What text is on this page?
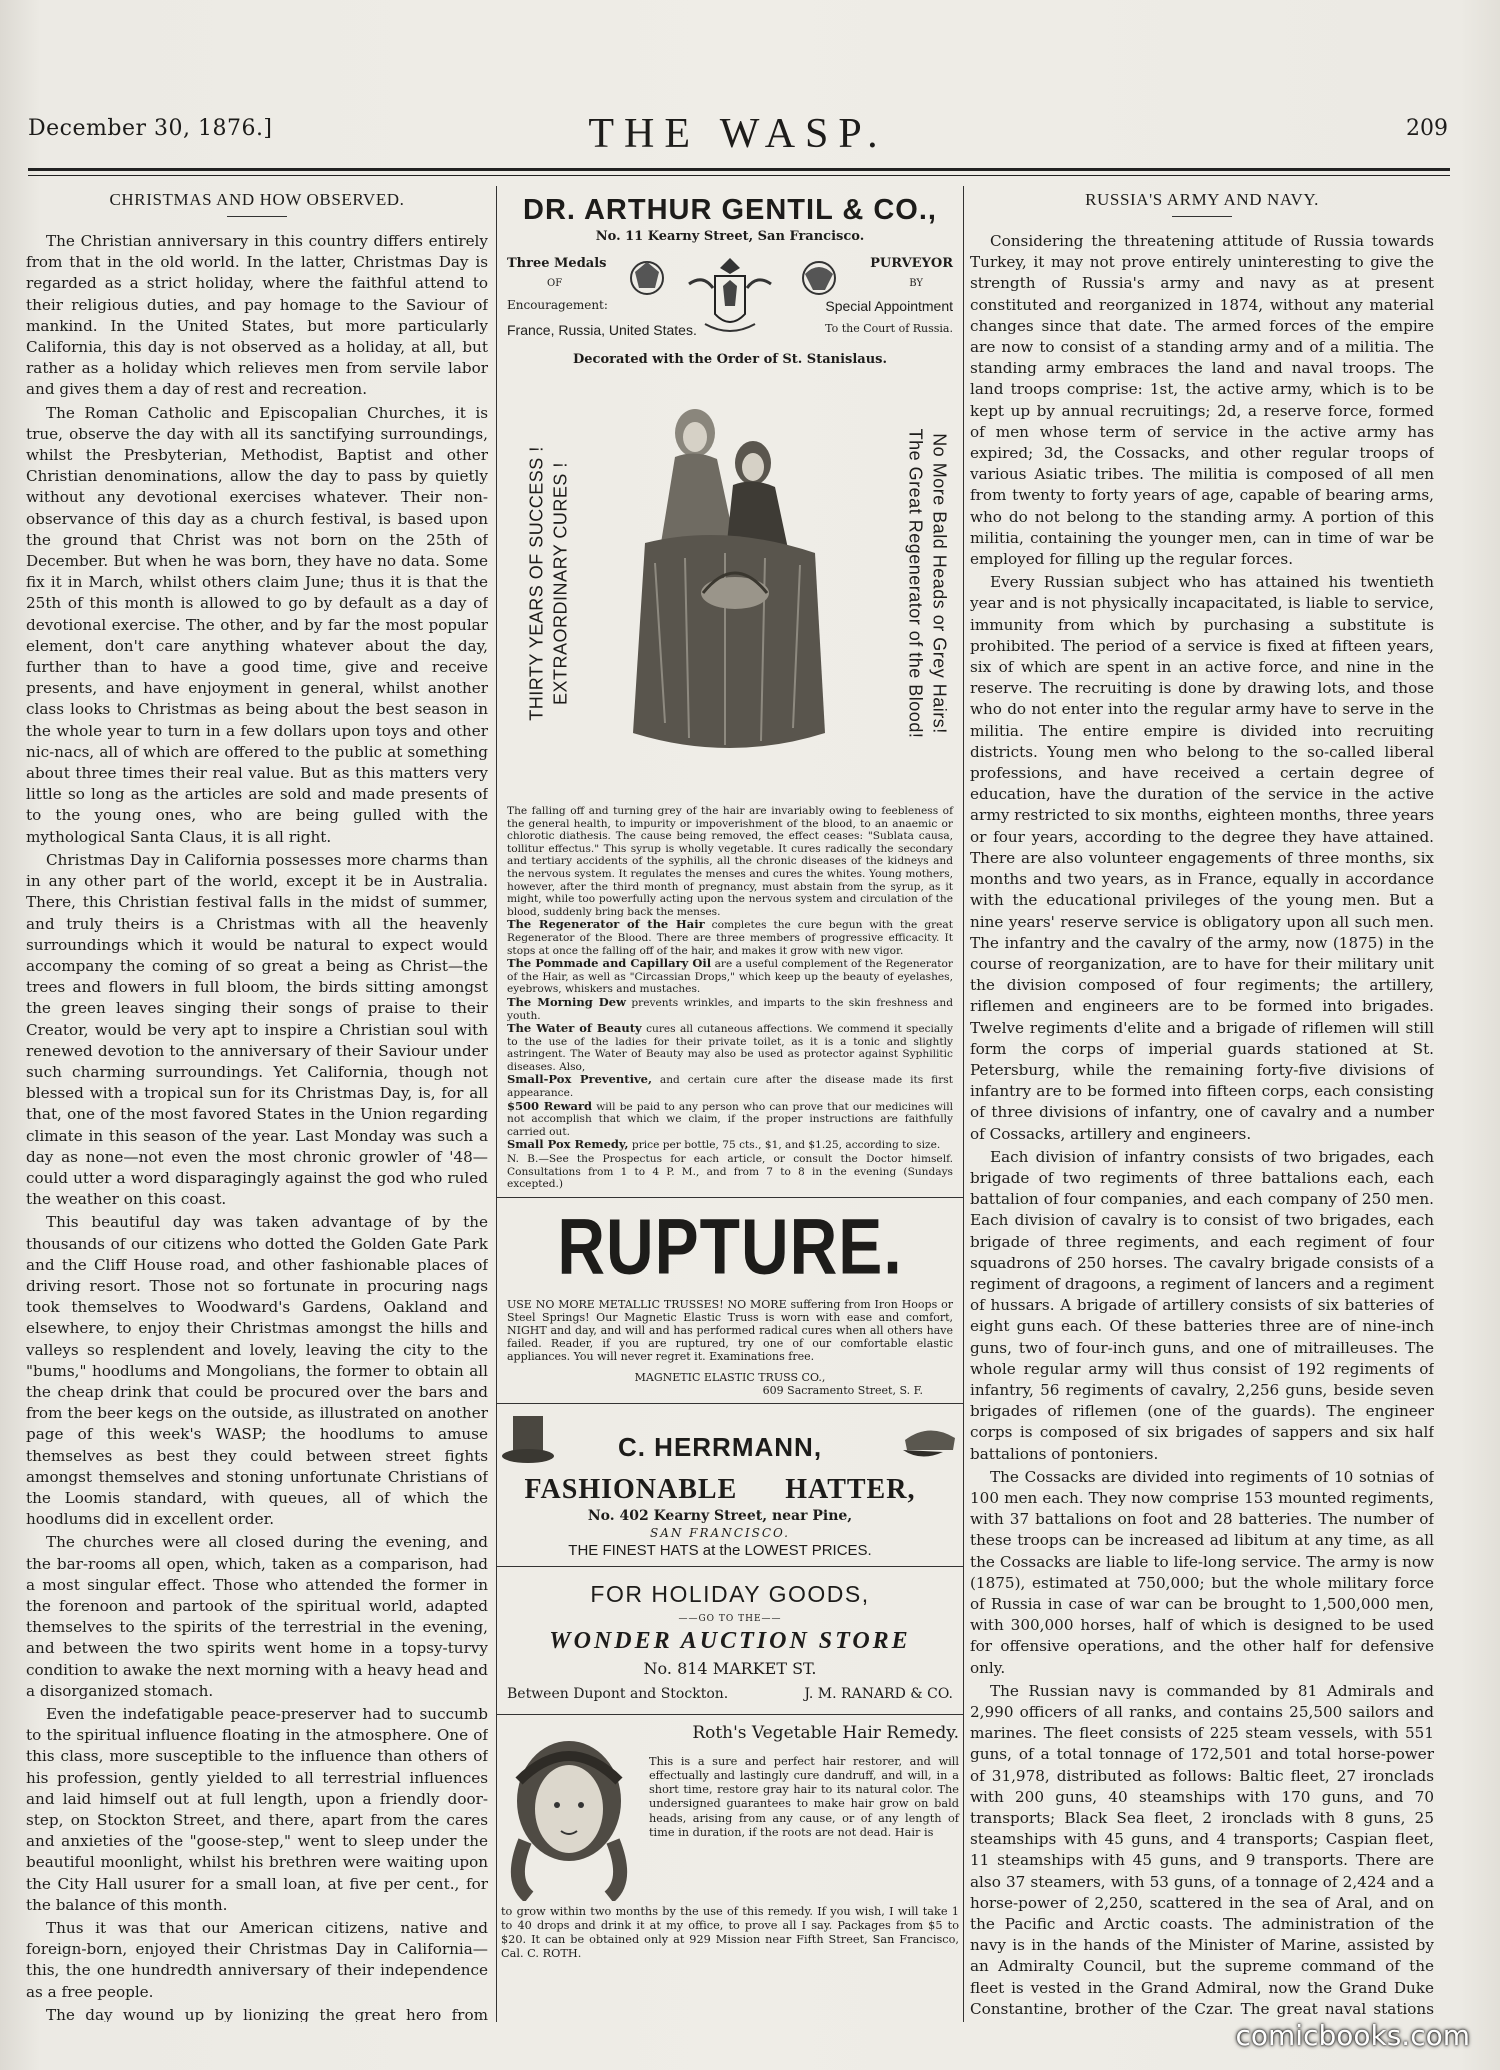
December 30, 1876.]	THE WASP.	209
CHRISTMAS AND HOW OBSERVED.

The Christian anniversary in this country differs entirely from that in the old world. In the latter, Christmas Day is regarded as a strict holiday, where the faithful attend to their religious duties, and pay homage to the Saviour of mankind. In the United States, but more particularly California, this day is not observed as a holiday, at all, but rather as a holiday which relieves men from servile labor and gives them a day of rest and recreation.

The Roman Catholic and Episcopalian Churches, it is true, observe the day with all its sanctifying surroundings, whilst the Presbyterian, Methodist, Baptist and other Christian denominations, allow the day to pass by quietly without any devotional exercises whatever. Their non-observance of this day as a church festival, is based upon the ground that Christ was not born on the 25th of December. But when he was born, they have no data. Some fix it in March, whilst others claim June; thus it is that the 25th of this month is allowed to go by default as a day of devotional exercise. The other, and by far the most popular element, don't care anything whatever about the day, further than to have a good time, give and receive presents, and have enjoyment in general, whilst another class looks to Christmas as being about the best season in the whole year to turn in a few dollars upon toys and other nic-nacs, all of which are offered to the public at something about three times their real value. But as this matters very little so long as the articles are sold and made presents of to the young ones, who are being gulled with the mythological Santa Claus, it is all right.

Christmas Day in California possesses more charms than in any other part of the world, except it be in Australia. There, this Christian festival falls in the midst of summer, and truly theirs is a Christmas with all the heavenly surroundings which it would be natural to expect would accompany the coming of so great a being as Christ—the trees and flowers in full bloom, the birds sitting amongst the green leaves singing their songs of praise to their Creator, would be very apt to inspire a Christian soul with renewed devotion to the anniversary of their Saviour under such charming surroundings. Yet California, though not blessed with a tropical sun for its Christmas Day, is, for all that, one of the most favored States in the Union regarding climate in this season of the year. Last Monday was such a day as none—not even the most chronic growler of '48—could utter a word disparagingly against the god who ruled the weather on this coast.

This beautiful day was taken advantage of by the thousands of our citizens who dotted the Golden Gate Park and the Cliff House road, and other fashionable places of driving resort. Those not so fortunate in procuring nags took themselves to Woodward's Gardens, Oakland and elsewhere, to enjoy their Christmas amongst the hills and valleys so resplendent and lovely, leaving the city to the "bums," hoodlums and Mongolians, the former to obtain all the cheap drink that could be procured over the bars and from the beer kegs on the outside, as illustrated on another page of this week's WASP; the hoodlums to amuse themselves as best they could between street fights amongst themselves and stoning unfortunate Christians of the Loomis standard, with queues, all of which the hoodlums did in excellent order.

The churches were all closed during the evening, and the bar-rooms all open, which, taken as a comparison, had a most singular effect. Those who attended the former in the forenoon and partook of the spiritual world, adapted themselves to the spirits of the terrestrial in the evening, and between the two spirits went home in a topsy-turvy condition to awake the next morning with a heavy head and a disorganized stomach.

Even the indefatigable peace-preserver had to succumb to the spiritual influence floating in the atmosphere. One of this class, more susceptible to the influence than others of his profession, gently yielded to all terrestrial influences and laid himself out at full length, upon a friendly door-step, on Stockton Street, and there, apart from the cares and anxieties of the "goose-step," went to sleep under the beautiful moonlight, whilst his brethren were waiting upon the City Hall usurer for a small loan, at five per cent., for the balance of this month.

Thus it was that our American citizens, native and foreign-born, enjoyed their Christmas Day in California—this, the one hundredth anniversary of their independence as a free people.

The day wound up by lionizing the great hero from

DR. ARTHUR GENTIL & CO.,
No. 11 Kearny Street, San Francisco.
Three Medals
OF
Encouragement:
France, Russia, United States.
PURVEYOR
BY
Special Appointment
To the Court of Russia.
Decorated with the Order of St. Stanislaus.
THIRTY YEARS OF SUCCESS ! EXTRAORDINARY CURES !	No More Bald Heads or Grey Hairs!
The Great Regenerator of the Blood!

The falling off and turning grey of the hair are invariably owing to feebleness of the general health, to impurity or impoverishment of the blood, to an anaemic or chlorotic diathesis. The cause being removed, the effect ceases: "Sublata causa, tollitur effectus." This syrup is wholly vegetable. It cures radically the secondary and tertiary accidents of the syphilis, all the chronic diseases of the kidneys and the nervous system. It regulates the menses and cures the whites. Young mothers, however, after the third month of pregnancy, must abstain from the syrup, as it might, while too powerfully acting upon the nervous system and circulation of the blood, suddenly bring back the menses.

The Regenerator of the Hair completes the cure begun with the great Regenerator of the Blood. There are three members of progressive efficacity. It stops at once the falling off of the hair, and makes it grow with new vigor.

The Pommade and Capillary Oil are a useful complement of the Regenerator of the Hair, as well as "Circassian Drops," which keep up the beauty of eyelashes, eyebrows, whiskers and mustaches.

The Morning Dew prevents wrinkles, and imparts to the skin freshness and youth.

The Water of Beauty cures all cutaneous affections. We commend it specially to the use of the ladies for their private toilet, as it is a tonic and slightly astringent. The Water of Beauty may also be used as protector against Syphilitic diseases. Also,

Small-Pox Preventive, and certain cure after the disease made its first appearance.

$500 Reward will be paid to any person who can prove that our medicines will not accomplish that which we claim, if the proper instructions are faithfully carried out.

Small Pox Remedy, price per bottle, 75 cts., $1, and $1.25, according to size.

N. B.—See the Prospectus for each article, or consult the Doctor himself. Consultations from 1 to 4 P. M., and from 7 to 8 in the evening (Sundays excepted.)

RUPTURE.
USE NO MORE METALLIC TRUSSES! NO MORE suffering from Iron Hoops or Steel Springs! Our Magnetic Elastic Truss is worn with ease and comfort, NIGHT and day, and will and has performed radical cures when all others have failed. Reader, if you are ruptured, try one of our comfortable elastic appliances. You will never regret it. Examinations free.
MAGNETIC ELASTIC TRUSS CO.,
609 Sacramento Street, S. F.
C. HERRMANN,
FASHIONABLE HATTER,
No. 402 Kearny Street, near Pine,
SAN FRANCISCO.
THE FINEST HATS at the LOWEST PRICES.
FOR HOLIDAY GOODS,
——GO TO THE——
WONDER AUCTION STORE
No. 814 MARKET ST.
Between Dupont and Stockton.	J. M. RANARD & CO.
Roth's Vegetable Hair Remedy.
This is a sure and perfect hair restorer, and will effectually and lastingly cure dandruff, and will, in a short time, restore gray hair to its natural color. The undersigned guarantees to make hair grow on bald heads, arising from any cause, or of any length of time in duration, if the roots are not dead. Hair is
to grow within two months by the use of this remedy. If you wish, I will take 1 to 40 drops and drink it at my office, to prove all I say. Packages from $5 to $20. It can be obtained only at 929 Mission near Fifth Street, San Francisco, Cal. C. ROTH.
RUSSIA'S ARMY AND NAVY.

Considering the threatening attitude of Russia towards Turkey, it may not prove entirely uninteresting to give the strength of Russia's army and navy as at present constituted and reorganized in 1874, without any material changes since that date. The armed forces of the empire are now to consist of a standing army and of a militia. The standing army embraces the land and naval troops. The land troops comprise: 1st, the active army, which is to be kept up by annual recruitings; 2d, a reserve force, formed of men whose term of service in the active army has expired; 3d, the Cossacks, and other regular troops of various Asiatic tribes. The militia is composed of all men from twenty to forty years of age, capable of bearing arms, who do not belong to the standing army. A portion of this militia, containing the younger men, can in time of war be employed for filling up the regular forces.

Every Russian subject who has attained his twentieth year and is not physically incapacitated, is liable to service, immunity from which by purchasing a substitute is prohibited. The period of a service is fixed at fifteen years, six of which are spent in an active force, and nine in the reserve. The recruiting is done by drawing lots, and those who do not enter into the regular army have to serve in the militia. The entire empire is divided into recruiting districts. Young men who belong to the so-called liberal professions, and have received a certain degree of education, have the duration of the service in the active army restricted to six months, eighteen months, three years or four years, according to the degree they have attained. There are also volunteer engagements of three months, six months and two years, as in France, equally in accordance with the educational privileges of the young men. But a nine years' reserve service is obligatory upon all such men. The infantry and the cavalry of the army, now (1875) in the course of reorganization, are to have for their military unit the division composed of four regiments; the artillery, riflemen and engineers are to be formed into brigades. Twelve regiments d'elite and a brigade of riflemen will still form the corps of imperial guards stationed at St. Petersburg, while the remaining forty-five divisions of infantry are to be formed into fifteen corps, each consisting of three divisions of infantry, one of cavalry and a number of Cossacks, artillery and engineers.

Each division of infantry consists of two brigades, each brigade of two regiments of three battalions each, each battalion of four companies, and each company of 250 men. Each division of cavalry is to consist of two brigades, each brigade of three regiments, and each regiment of four squadrons of 250 horses. The cavalry brigade consists of a regiment of dragoons, a regiment of lancers and a regiment of hussars. A brigade of artillery consists of six batteries of eight guns each. Of these batteries three are of nine-inch guns, two of four-inch guns, and one of mitrailleuses. The whole regular army will thus consist of 192 regiments of infantry, 56 regiments of cavalry, 2,256 guns, beside seven brigades of riflemen (one of the guards). The engineer corps is composed of six brigades of sappers and six half battalions of pontoniers.

The Cossacks are divided into regiments of 10 sotnias of 100 men each. They now comprise 153 mounted regiments, with 37 battalions on foot and 28 batteries. The number of these troops can be increased ad libitum at any time, as all the Cossacks are liable to life-long service. The army is now (1875), estimated at 750,000; but the whole military force of Russia in case of war can be brought to 1,500,000 men, with 300,000 horses, half of which is designed to be used for offensive operations, and the other half for defensive only.

The Russian navy is commanded by 81 Admirals and 2,990 officers of all ranks, and contains 25,500 sailors and marines. The fleet consists of 225 steam vessels, with 551 guns, of a total tonnage of 172,501 and total horse-power of 31,978, distributed as follows: Baltic fleet, 27 ironclads with 200 guns, 40 steamships with 170 guns, and 70 transports; Black Sea fleet, 2 ironclads with 8 guns, 25 steamships with 45 guns, and 4 transports; Caspian fleet, 11 steamships with 45 guns, and 9 transports. There are also 37 steamers, with 53 guns, of a tonnage of 2,424 and a horse-power of 2,250, scattered in the sea of Aral, and on the Pacific and Arctic coasts. The administration of the navy is in the hands of the Minister of Marine, assisted by an Admiralty Council, but the supreme command of the fleet is vested in the Grand Admiral, now the Grand Duke Constantine, brother of the Czar. The great naval stations

comicbooks.com
